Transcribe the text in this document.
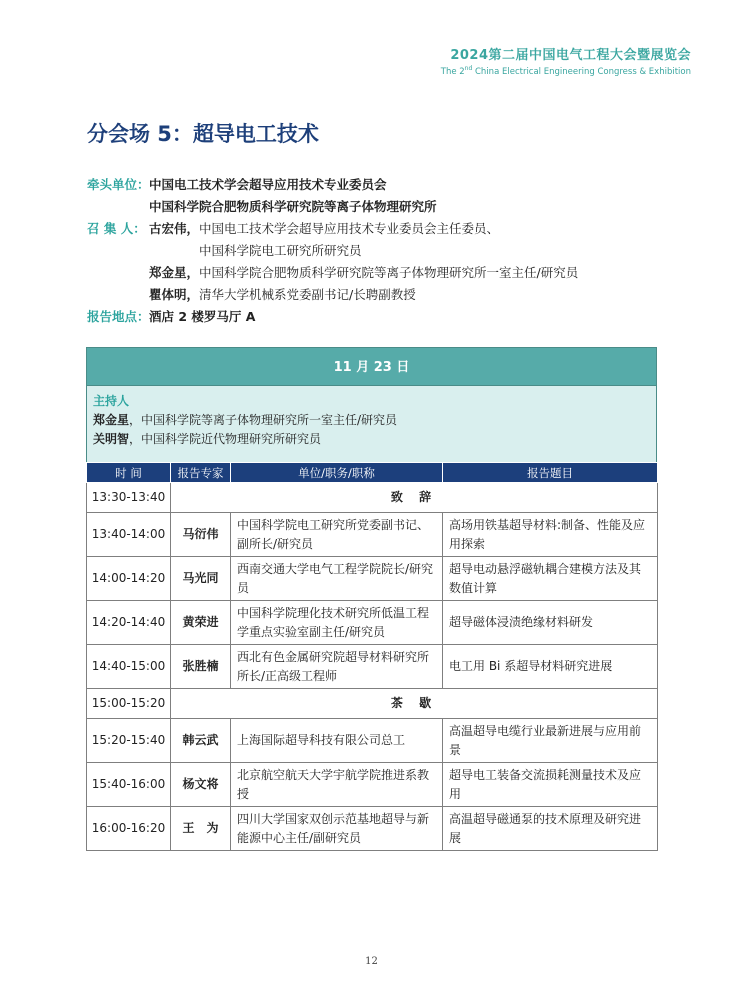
2024第二届中国电气工程大会暨展览会
The 2nd China Electrical Engineering Congress & Exhibition
分会场 5：超导电工技术
牵头单位： 中国电工技术学会超导应用技术专业委员会
中国科学院合肥物质科学研究院等离子体物理研究所
召 集 人： 古宏伟， 中国电工技术学会超导应用技术专业委员会主任委员、
中国科学院电工研究所研究员
郑金星， 中国科学院合肥物质科学研究院等离子体物理研究所一室主任/研究员
瞿体明， 清华大学机械系党委副书记/长聘副教授
报告地点： 酒店 2 楼罗马厅 A
11 月 23 日
主持人
郑金星，中国科学院等离子体物理研究所一室主任/研究员
关明智，中国科学院近代物理研究所研究员
时 间	报告专家	单位/职务/职称	报告题目
13:30-13:40	致 辞		
13:40-14:00	马衍伟	中国科学院电工研究所党委副书记、副所长/研究员	高场用铁基超导材料:制备、性能及应用探索
14:00-14:20	马光同	西南交通大学电气工程学院院长/研究员	超导电动悬浮磁轨耦合建模方法及其数值计算
14:20-14:40	黄荣进	中国科学院理化技术研究所低温工程学重点实验室副主任/研究员	超导磁体浸渍绝缘材料研发
14:40-15:00	张胜楠	西北有色金属研究院超导材料研究所所长/正高级工程师	电工用 Bi 系超导材料研究进展
15:00-15:20	茶 歇		
15:20-15:40	韩云武	上海国际超导科技有限公司总工	高温超导电缆行业最新进展与应用前景
15:40-16:00	杨文将	北京航空航天大学宇航学院推进系教授	超导电工装备交流损耗测量技术及应用
16:00-16:20	王　为	四川大学国家双创示范基地超导与新能源中心主任/副研究员	高温超导磁通泵的技术原理及研究进展
12
